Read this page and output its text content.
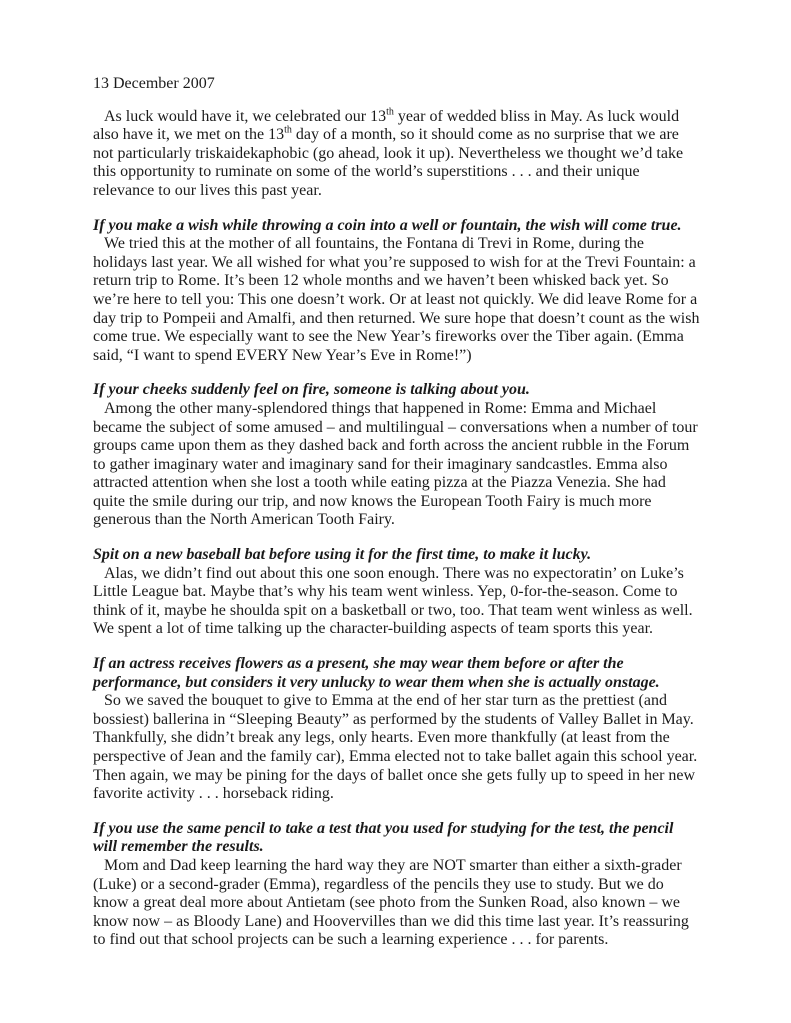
13 December 2007

As luck would have it, we celebrated our 13th year of wedded bliss in May. As luck would also have it, we met on the 13th day of a month, so it should come as no surprise that we are not particularly triskaidekaphobic (go ahead, look it up). Nevertheless we thought we’d take this opportunity to ruminate on some of the world’s superstitions . . . and their unique relevance to our lives this past year.

If you make a wish while throwing a coin into a well or fountain, the wish will come true.

We tried this at the mother of all fountains, the Fontana di Trevi in Rome, during the holidays last year. We all wished for what you’re supposed to wish for at the Trevi Fountain: a return trip to Rome. It’s been 12 whole months and we haven’t been whisked back yet. So we’re here to tell you: This one doesn’t work. Or at least not quickly. We did leave Rome for a day trip to Pompeii and Amalfi, and then returned. We sure hope that doesn’t count as the wish come true. We especially want to see the New Year’s fireworks over the Tiber again. (Emma said, “I want to spend EVERY New Year’s Eve in Rome!”)

If your cheeks suddenly feel on fire, someone is talking about you.

Among the other many-splendored things that happened in Rome: Emma and Michael became the subject of some amused – and multilingual – conversations when a number of tour groups came upon them as they dashed back and forth across the ancient rubble in the Forum to gather imaginary water and imaginary sand for their imaginary sandcastles. Emma also attracted attention when she lost a tooth while eating pizza at the Piazza Venezia. She had quite the smile during our trip, and now knows the European Tooth Fairy is much more generous than the North American Tooth Fairy.

Spit on a new baseball bat before using it for the first time, to make it lucky.

Alas, we didn’t find out about this one soon enough. There was no expectoratin’ on Luke’s Little League bat. Maybe that’s why his team went winless. Yep, 0-for-the-season. Come to think of it, maybe he shoulda spit on a basketball or two, too. That team went winless as well. We spent a lot of time talking up the character-building aspects of team sports this year.

If an actress receives flowers as a present, she may wear them before or after the performance, but considers it very unlucky to wear them when she is actually onstage.

So we saved the bouquet to give to Emma at the end of her star turn as the prettiest (and bossiest) ballerina in “Sleeping Beauty” as performed by the students of Valley Ballet in May. Thankfully, she didn’t break any legs, only hearts. Even more thankfully (at least from the perspective of Jean and the family car), Emma elected not to take ballet again this school year. Then again, we may be pining for the days of ballet once she gets fully up to speed in her new favorite activity . . . horseback riding.

If you use the same pencil to take a test that you used for studying for the test, the pencil will remember the results.

Mom and Dad keep learning the hard way they are NOT smarter than either a sixth-grader (Luke) or a second-grader (Emma), regardless of the pencils they use to study. But we do know a great deal more about Antietam (see photo from the Sunken Road, also known – we know now – as Bloody Lane) and Hoovervilles than we did this time last year. It’s reassuring to find out that school projects can be such a learning experience . . . for parents.
